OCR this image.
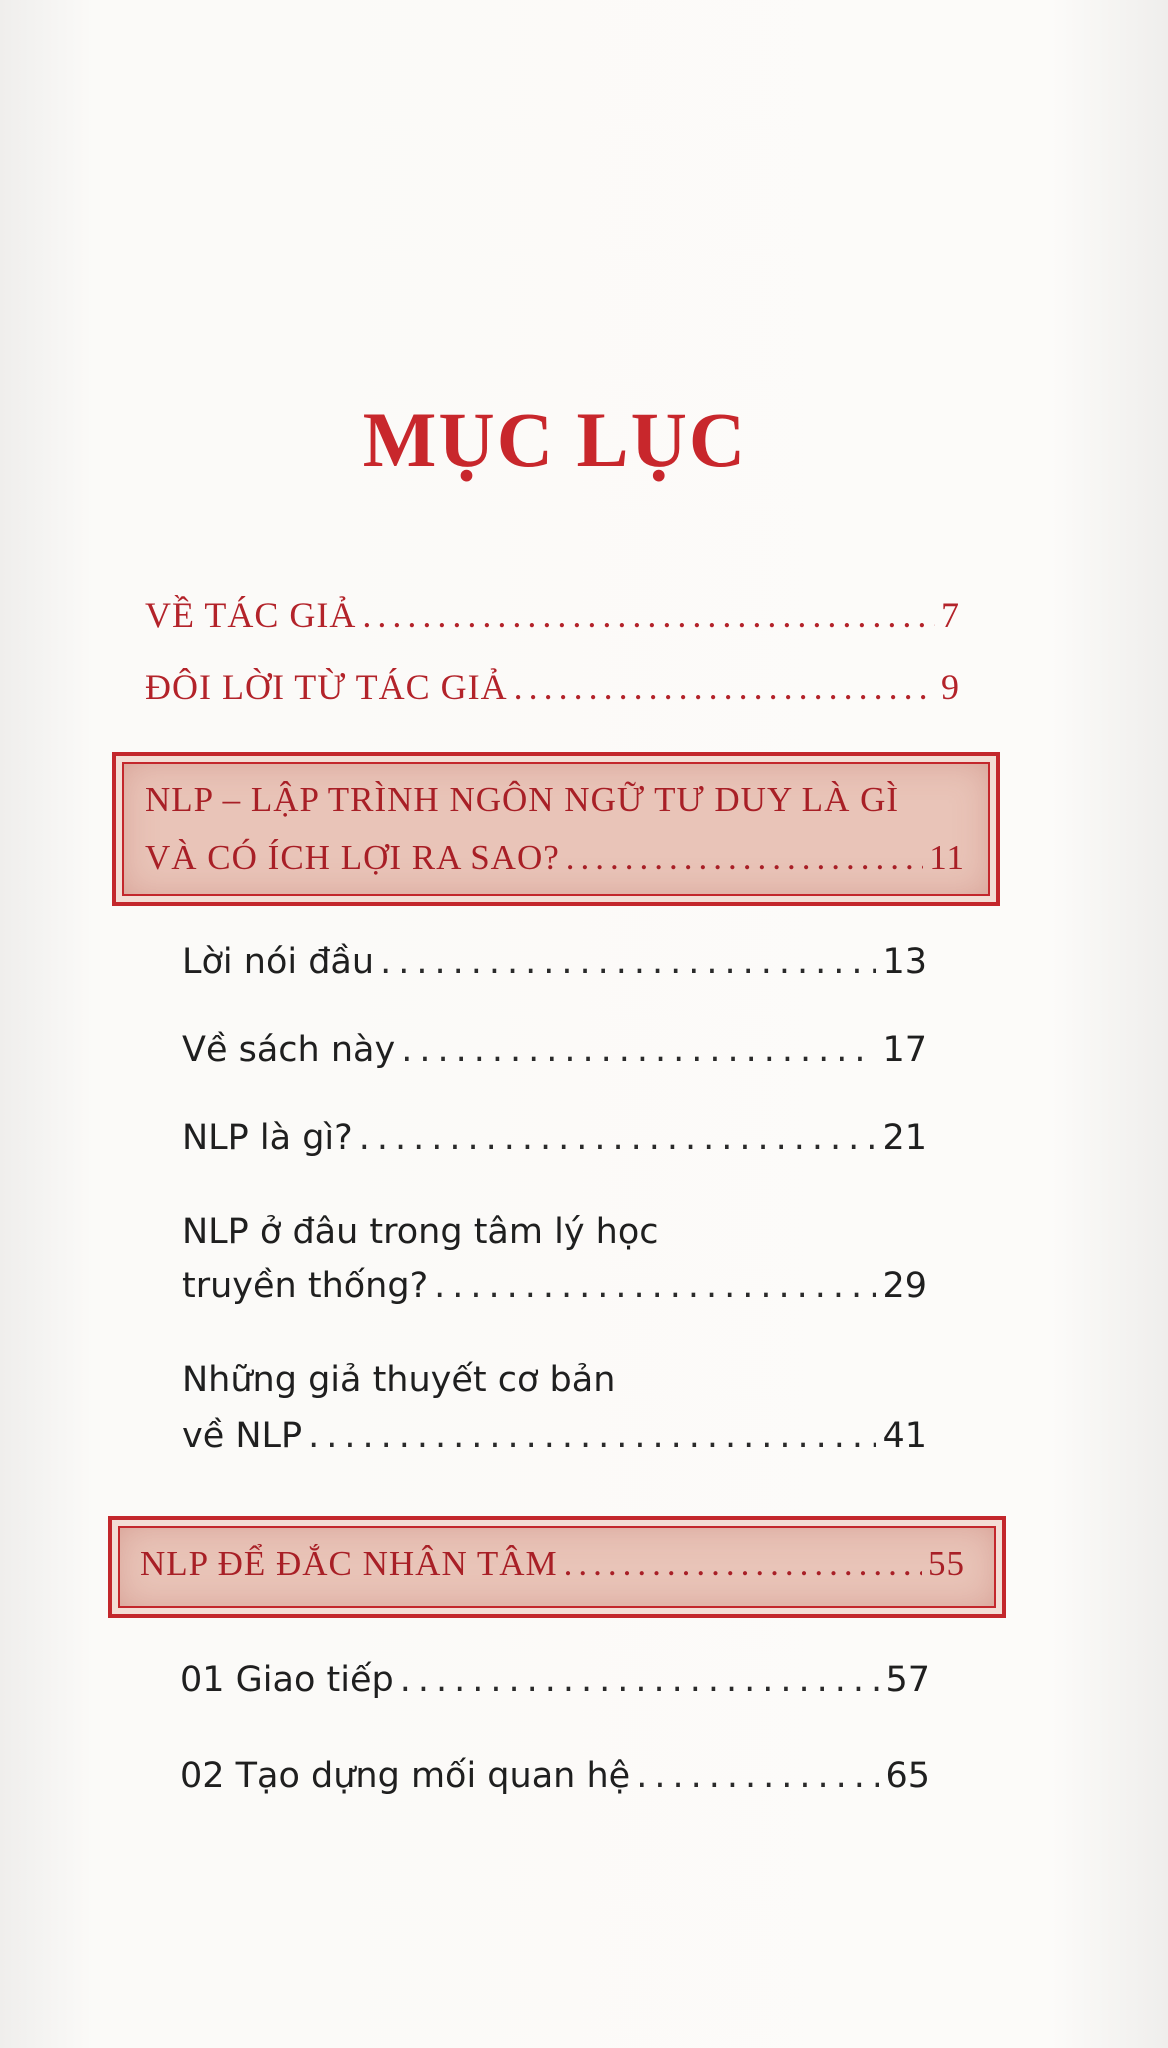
MỤC LỤC
VỀ TÁC GIẢ .....	7
ĐÔI LỜI TỪ TÁC GIẢ .....	9
NLP – LẬP TRÌNH NGÔN NGỮ TƯ DUY LÀ GÌ
VÀ CÓ ÍCH LỢI RA SAO? .....	11
Lời nói đầu .....	13
Về sách này .....	17
NLP là gì? .....	21
NLP ở đâu trong tâm lý học
truyền thống? .....	29
Những giả thuyết cơ bản
về NLP .....	41
NLP ĐỂ ĐẮC NHÂN TÂM .....	55
01 Giao tiếp .....	57
02 Tạo dựng mối quan hệ .....	65
